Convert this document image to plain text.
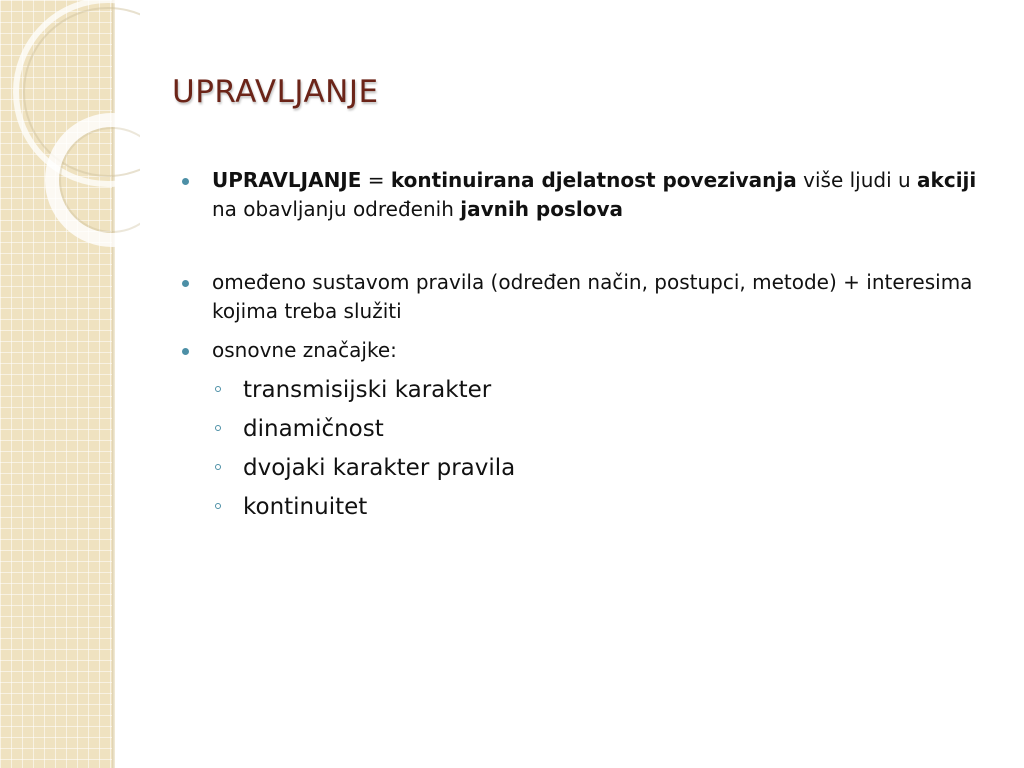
UPRAVLJANJE
UPRAVLJANJE = kontinuirana djelatnost povezivanja više ljudi u akciji na obavljanju određenih javnih poslova
omeđeno sustavom pravila (određen način, postupci, metode) + interesima kojima treba služiti
osnovne značajke:
transmisijski karakter
dinamičnost
dvojaki karakter pravila
kontinuitet
